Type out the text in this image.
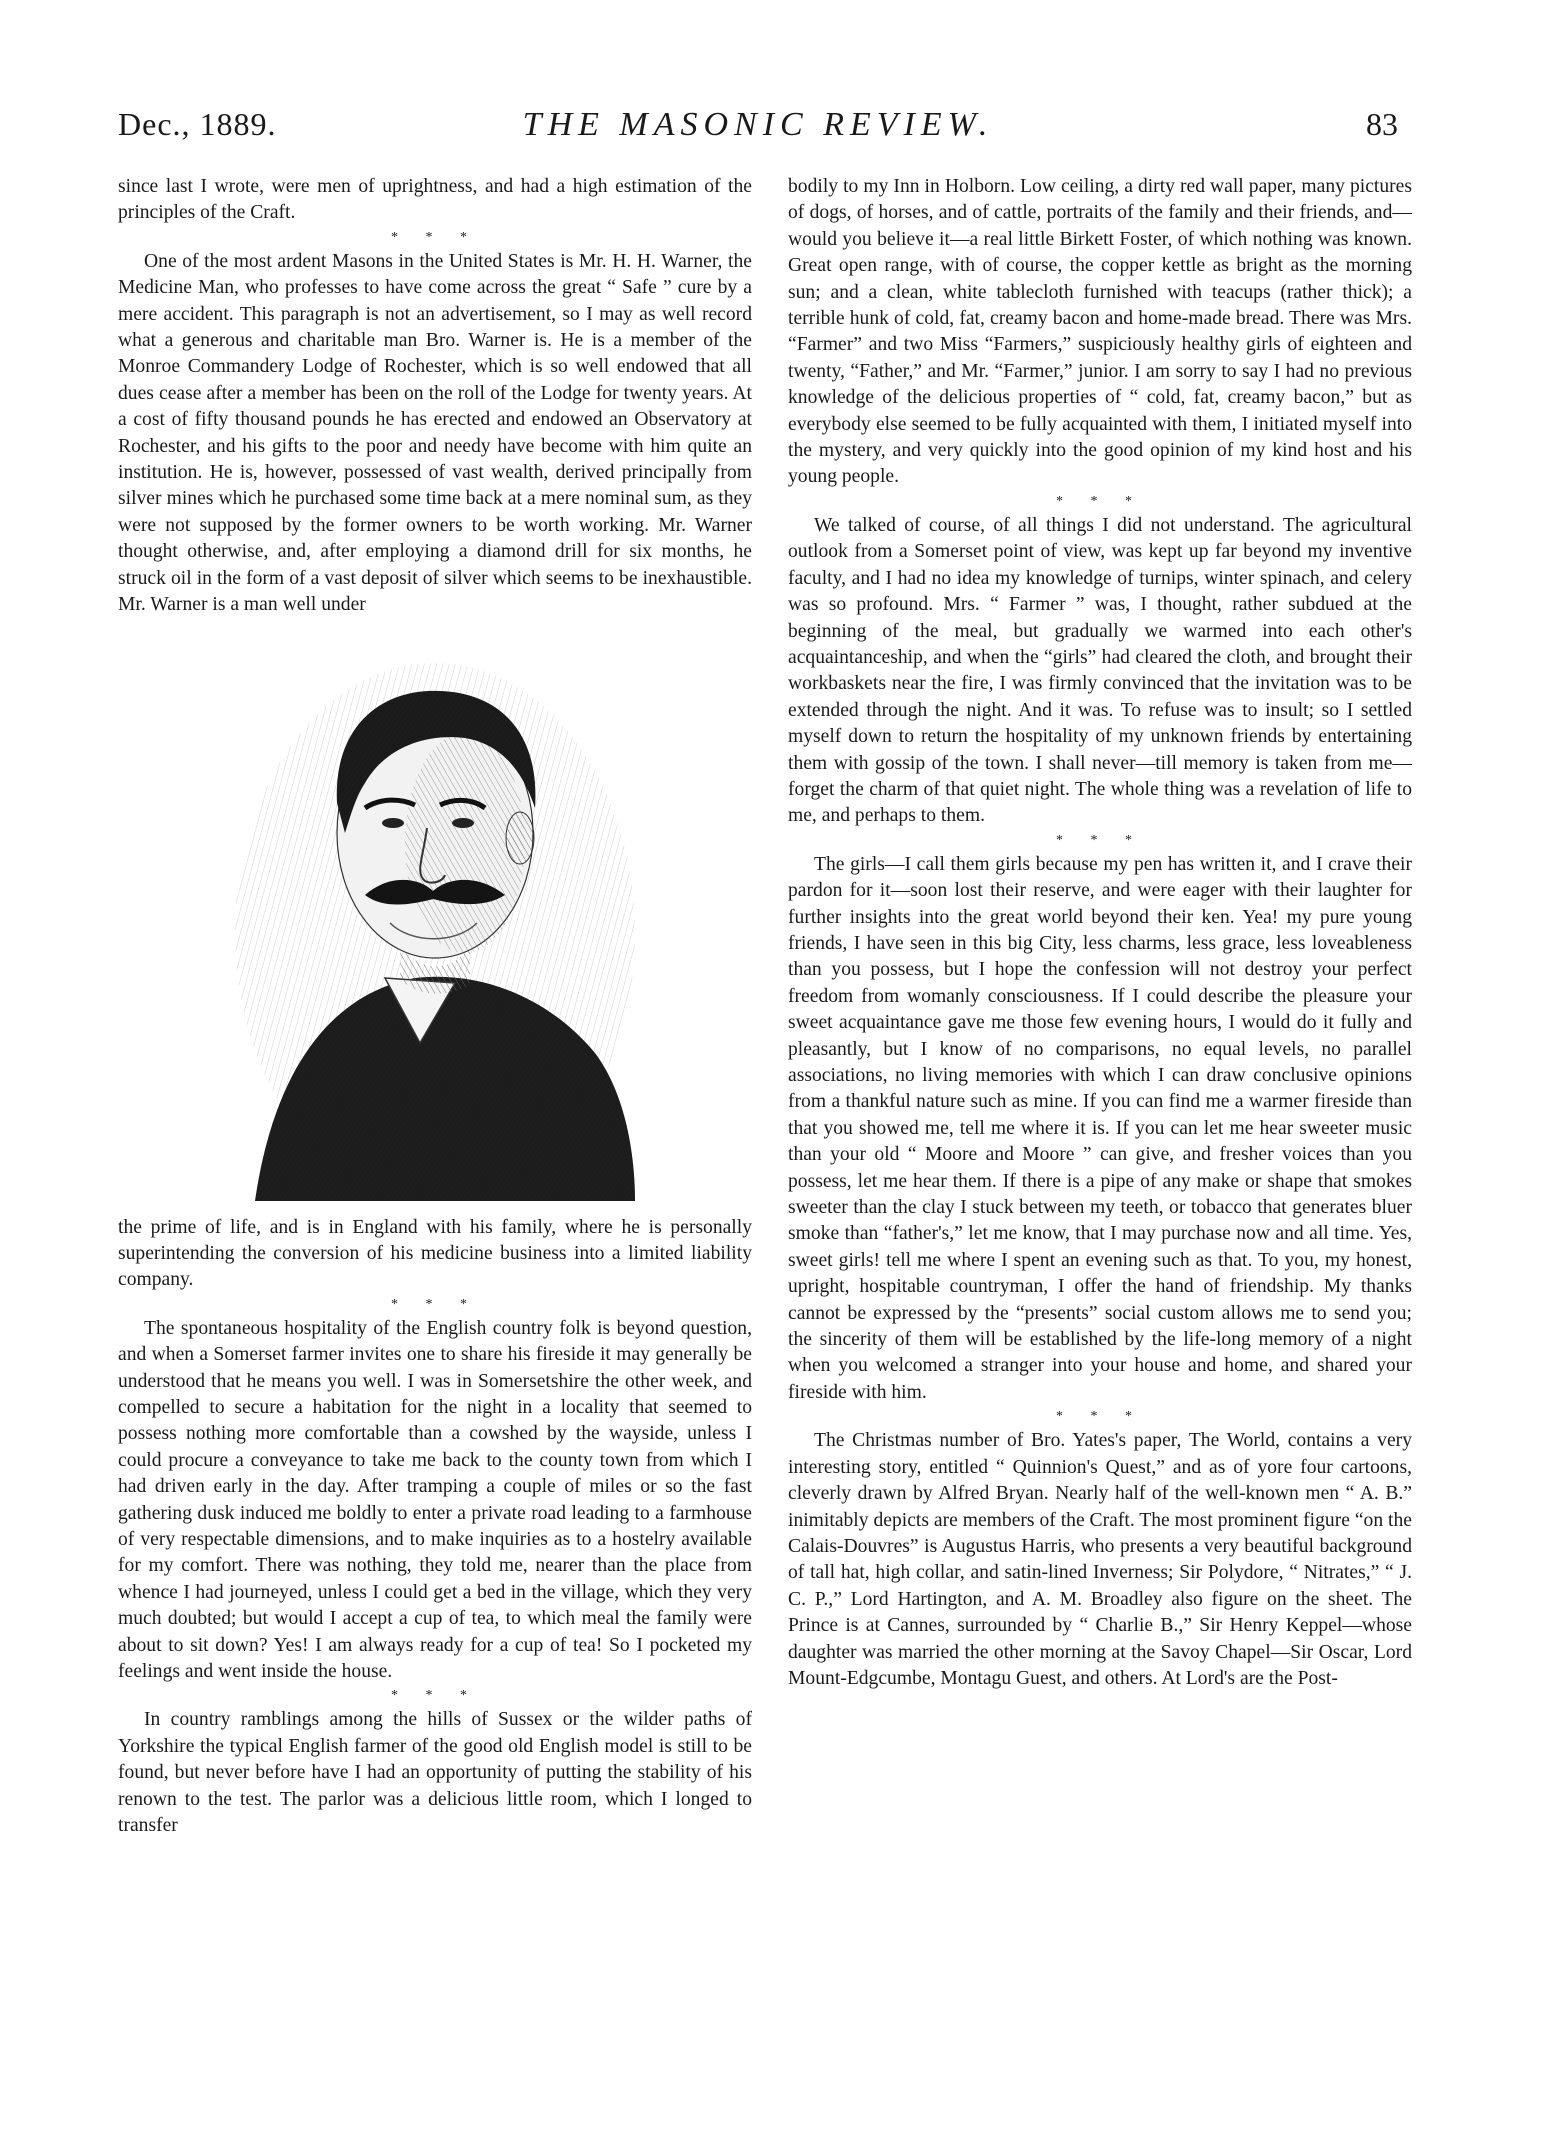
Dec., 1889.	THE MASONIC REVIEW.	83

since last I wrote, were men of uprightness, and had a high estimation of the principles of the Craft.

* * *

One of the most ardent Masons in the United States is Mr. H. H. Warner, the Medicine Man, who professes to have come across the great “ Safe ” cure by a mere accident. This paragraph is not an advertisement, so I may as well record what a generous and charitable man Bro. Warner is. He is a member of the Monroe Commandery Lodge of Rochester, which is so well endowed that all dues cease after a member has been on the roll of the Lodge for twenty years. At a cost of fifty thousand pounds he has erected and endowed an Observatory at Rochester, and his gifts to the poor and needy have become with him quite an institution. He is, however, possessed of vast wealth, derived principally from silver mines which he purchased some time back at a mere nominal sum, as they were not supposed by the former owners to be worth working. Mr. Warner thought otherwise, and, after employing a diamond drill for six months, he struck oil in the form of a vast deposit of silver which seems to be inexhaustible. Mr. Warner is a man well under

the prime of life, and is in England with his family, where he is personally superintending the conversion of his medicine business into a limited liability company.

* * *

The spontaneous hospitality of the English country folk is beyond question, and when a Somerset farmer invites one to share his fireside it may generally be understood that he means you well. I was in Somersetshire the other week, and compelled to secure a habitation for the night in a locality that seemed to possess nothing more comfortable than a cowshed by the wayside, unless I could procure a conveyance to take me back to the county town from which I had driven early in the day. After tramping a couple of miles or so the fast gathering dusk induced me boldly to enter a private road leading to a farmhouse of very respectable dimensions, and to make inquiries as to a hostelry available for my comfort. There was nothing, they told me, nearer than the place from whence I had journeyed, unless I could get a bed in the village, which they very much doubted; but would I accept a cup of tea, to which meal the family were about to sit down? Yes! I am always ready for a cup of tea! So I pocketed my feelings and went inside the house.

* * *

In country ramblings among the hills of Sussex or the wilder paths of Yorkshire the typical English farmer of the good old English model is still to be found, but never before have I had an opportunity of putting the stability of his renown to the test. The parlor was a delicious little room, which I longed to transfer

bodily to my Inn in Holborn. Low ceiling, a dirty red wall paper, many pictures of dogs, of horses, and of cattle, portraits of the family and their friends, and—would you believe it—a real little Birkett Foster, of which nothing was known. Great open range, with of course, the copper kettle as bright as the morning sun; and a clean, white tablecloth furnished with teacups (rather thick); a terrible hunk of cold, fat, creamy bacon and home-made bread. There was Mrs. “Farmer” and two Miss “Farmers,” suspiciously healthy girls of eighteen and twenty, “Father,” and Mr. “Farmer,” junior. I am sorry to say I had no previous knowledge of the delicious properties of “ cold, fat, creamy bacon,” but as everybody else seemed to be fully acquainted with them, I initiated myself into the mystery, and very quickly into the good opinion of my kind host and his young people.

* * *

We talked of course, of all things I did not understand. The agricultural outlook from a Somerset point of view, was kept up far beyond my inventive faculty, and I had no idea my knowledge of turnips, winter spinach, and celery was so profound. Mrs. “ Farmer ” was, I thought, rather subdued at the beginning of the meal, but gradually we warmed into each other's acquaintanceship, and when the “girls” had cleared the cloth, and brought their workbaskets near the fire, I was firmly convinced that the invitation was to be extended through the night. And it was. To refuse was to insult; so I settled myself down to return the hospitality of my unknown friends by entertaining them with gossip of the town. I shall never—till memory is taken from me—forget the charm of that quiet night. The whole thing was a revelation of life to me, and perhaps to them.

* * *

The girls—I call them girls because my pen has written it, and I crave their pardon for it—soon lost their reserve, and were eager with their laughter for further insights into the great world beyond their ken. Yea! my pure young friends, I have seen in this big City, less charms, less grace, less loveableness than you possess, but I hope the confession will not destroy your perfect freedom from womanly consciousness. If I could describe the pleasure your sweet acquaintance gave me those few evening hours, I would do it fully and pleasantly, but I know of no comparisons, no equal levels, no parallel associations, no living memories with which I can draw conclusive opinions from a thankful nature such as mine. If you can find me a warmer fireside than that you showed me, tell me where it is. If you can let me hear sweeter music than your old “ Moore and Moore ” can give, and fresher voices than you possess, let me hear them. If there is a pipe of any make or shape that smokes sweeter than the clay I stuck between my teeth, or tobacco that generates bluer smoke than “father's,” let me know, that I may purchase now and all time. Yes, sweet girls! tell me where I spent an evening such as that. To you, my honest, upright, hospitable countryman, I offer the hand of friendship. My thanks cannot be expressed by the “presents” social custom allows me to send you; the sincerity of them will be established by the life-long memory of a night when you welcomed a stranger into your house and home, and shared your fireside with him.

* * *

The Christmas number of Bro. Yates's paper, The World, contains a very interesting story, entitled “ Quinnion's Quest,” and as of yore four cartoons, cleverly drawn by Alfred Bryan. Nearly half of the well-known men “ A. B.” inimitably depicts are members of the Craft. The most prominent figure “on the Calais-Douvres” is Augustus Harris, who presents a very beautiful background of tall hat, high collar, and satin-lined Inverness; Sir Polydore, “ Nitrates,” “ J. C. P.,” Lord Hartington, and A. M. Broadley also figure on the sheet. The Prince is at Cannes, surrounded by “ Charlie B.,” Sir Henry Keppel—whose daughter was married the other morning at the Savoy Chapel—Sir Oscar, Lord Mount-Edgcumbe, Montagu Guest, and others. At Lord's are the Post-
